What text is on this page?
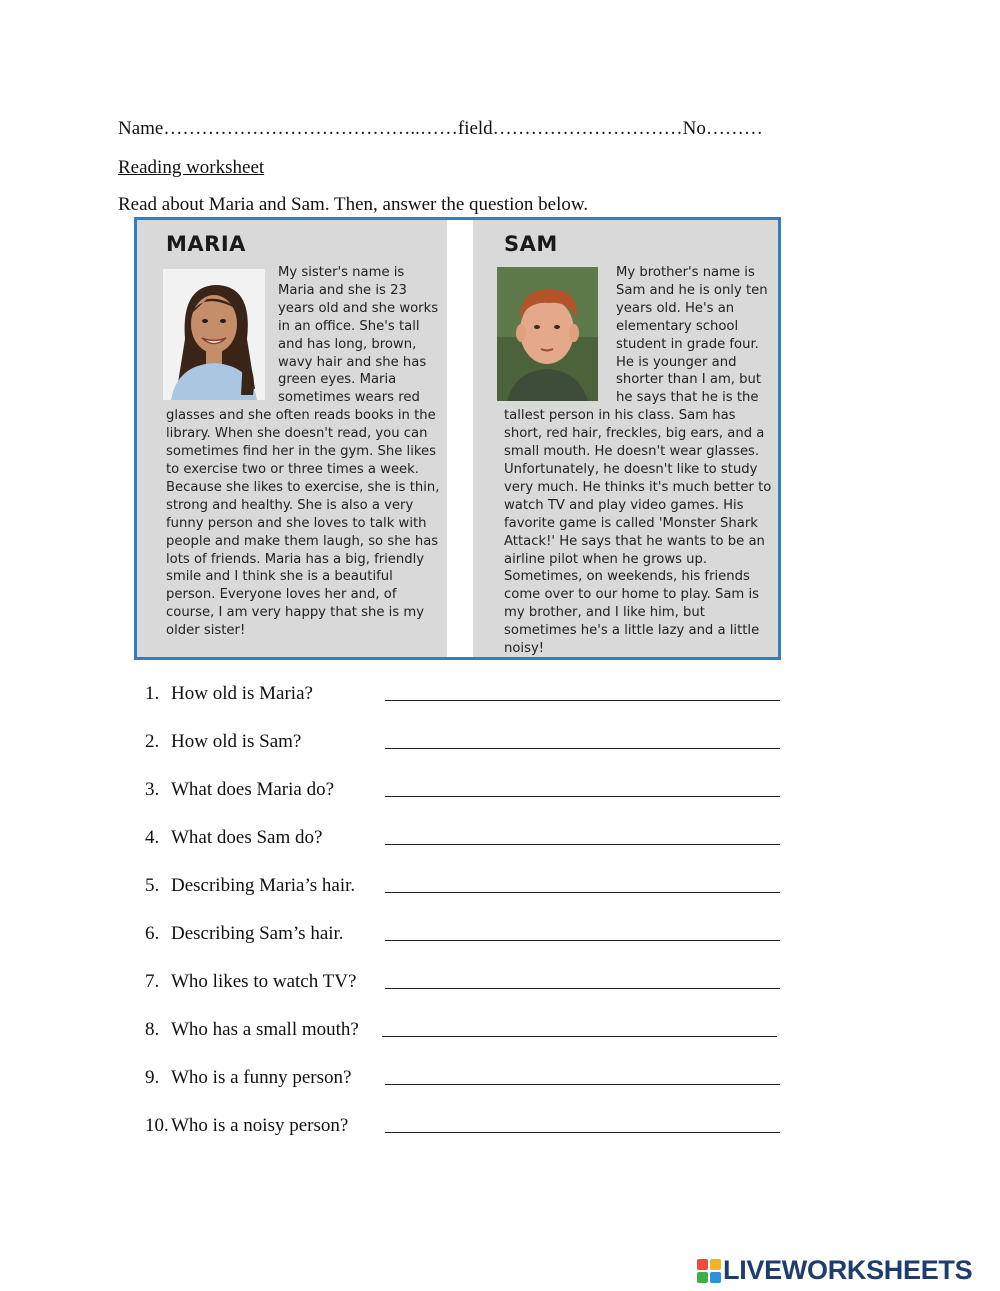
Name…………………………………..……field…………………………No………
Reading worksheet
Read about Maria and Sam. Then, answer the question below.
MARIA

My sister's name is Maria and she is 23 years old and she works in an office. She's tall and has long, brown, wavy hair and she has green eyes. Maria sometimes wears red glasses and she often reads books in the library. When she doesn't read, you can sometimes find her in the gym. She likes to exercise two or three times a week. Because she likes to exercise, she is thin, strong and healthy. She is also a very funny person and she loves to talk with people and make them laugh, so she has lots of friends. Maria has a big, friendly smile and I think she is a beautiful person. Everyone loves her and, of course, I am very happy that she is my older sister!

SAM

My brother's name is Sam and he is only ten years old. He's an elementary school student in grade four. He is younger and shorter than I am, but he says that he is the tallest person in his class. Sam has short, red hair, freckles, big ears, and a small mouth. He doesn't wear glasses. Unfortunately, he doesn't like to study very much. He thinks it's much better to watch TV and play video games. His favorite game is called 'Monster Shark Attack!' He says that he wants to be an airline pilot when he grows up. Sometimes, on weekends, his friends come over to our home to play. Sam is my brother, and I like him, but sometimes he's a little lazy and a little noisy!

1. How old is Maria?
2. How old is Sam?
3. What does Maria do?
4. What does Sam do?
5. Describing Maria’s hair.
6. Describing Sam’s hair.
7. Who likes to watch TV?
8. Who has a small mouth?
9. Who is a funny person?
10. Who is a noisy person?
LIVEWORKSHEETS
